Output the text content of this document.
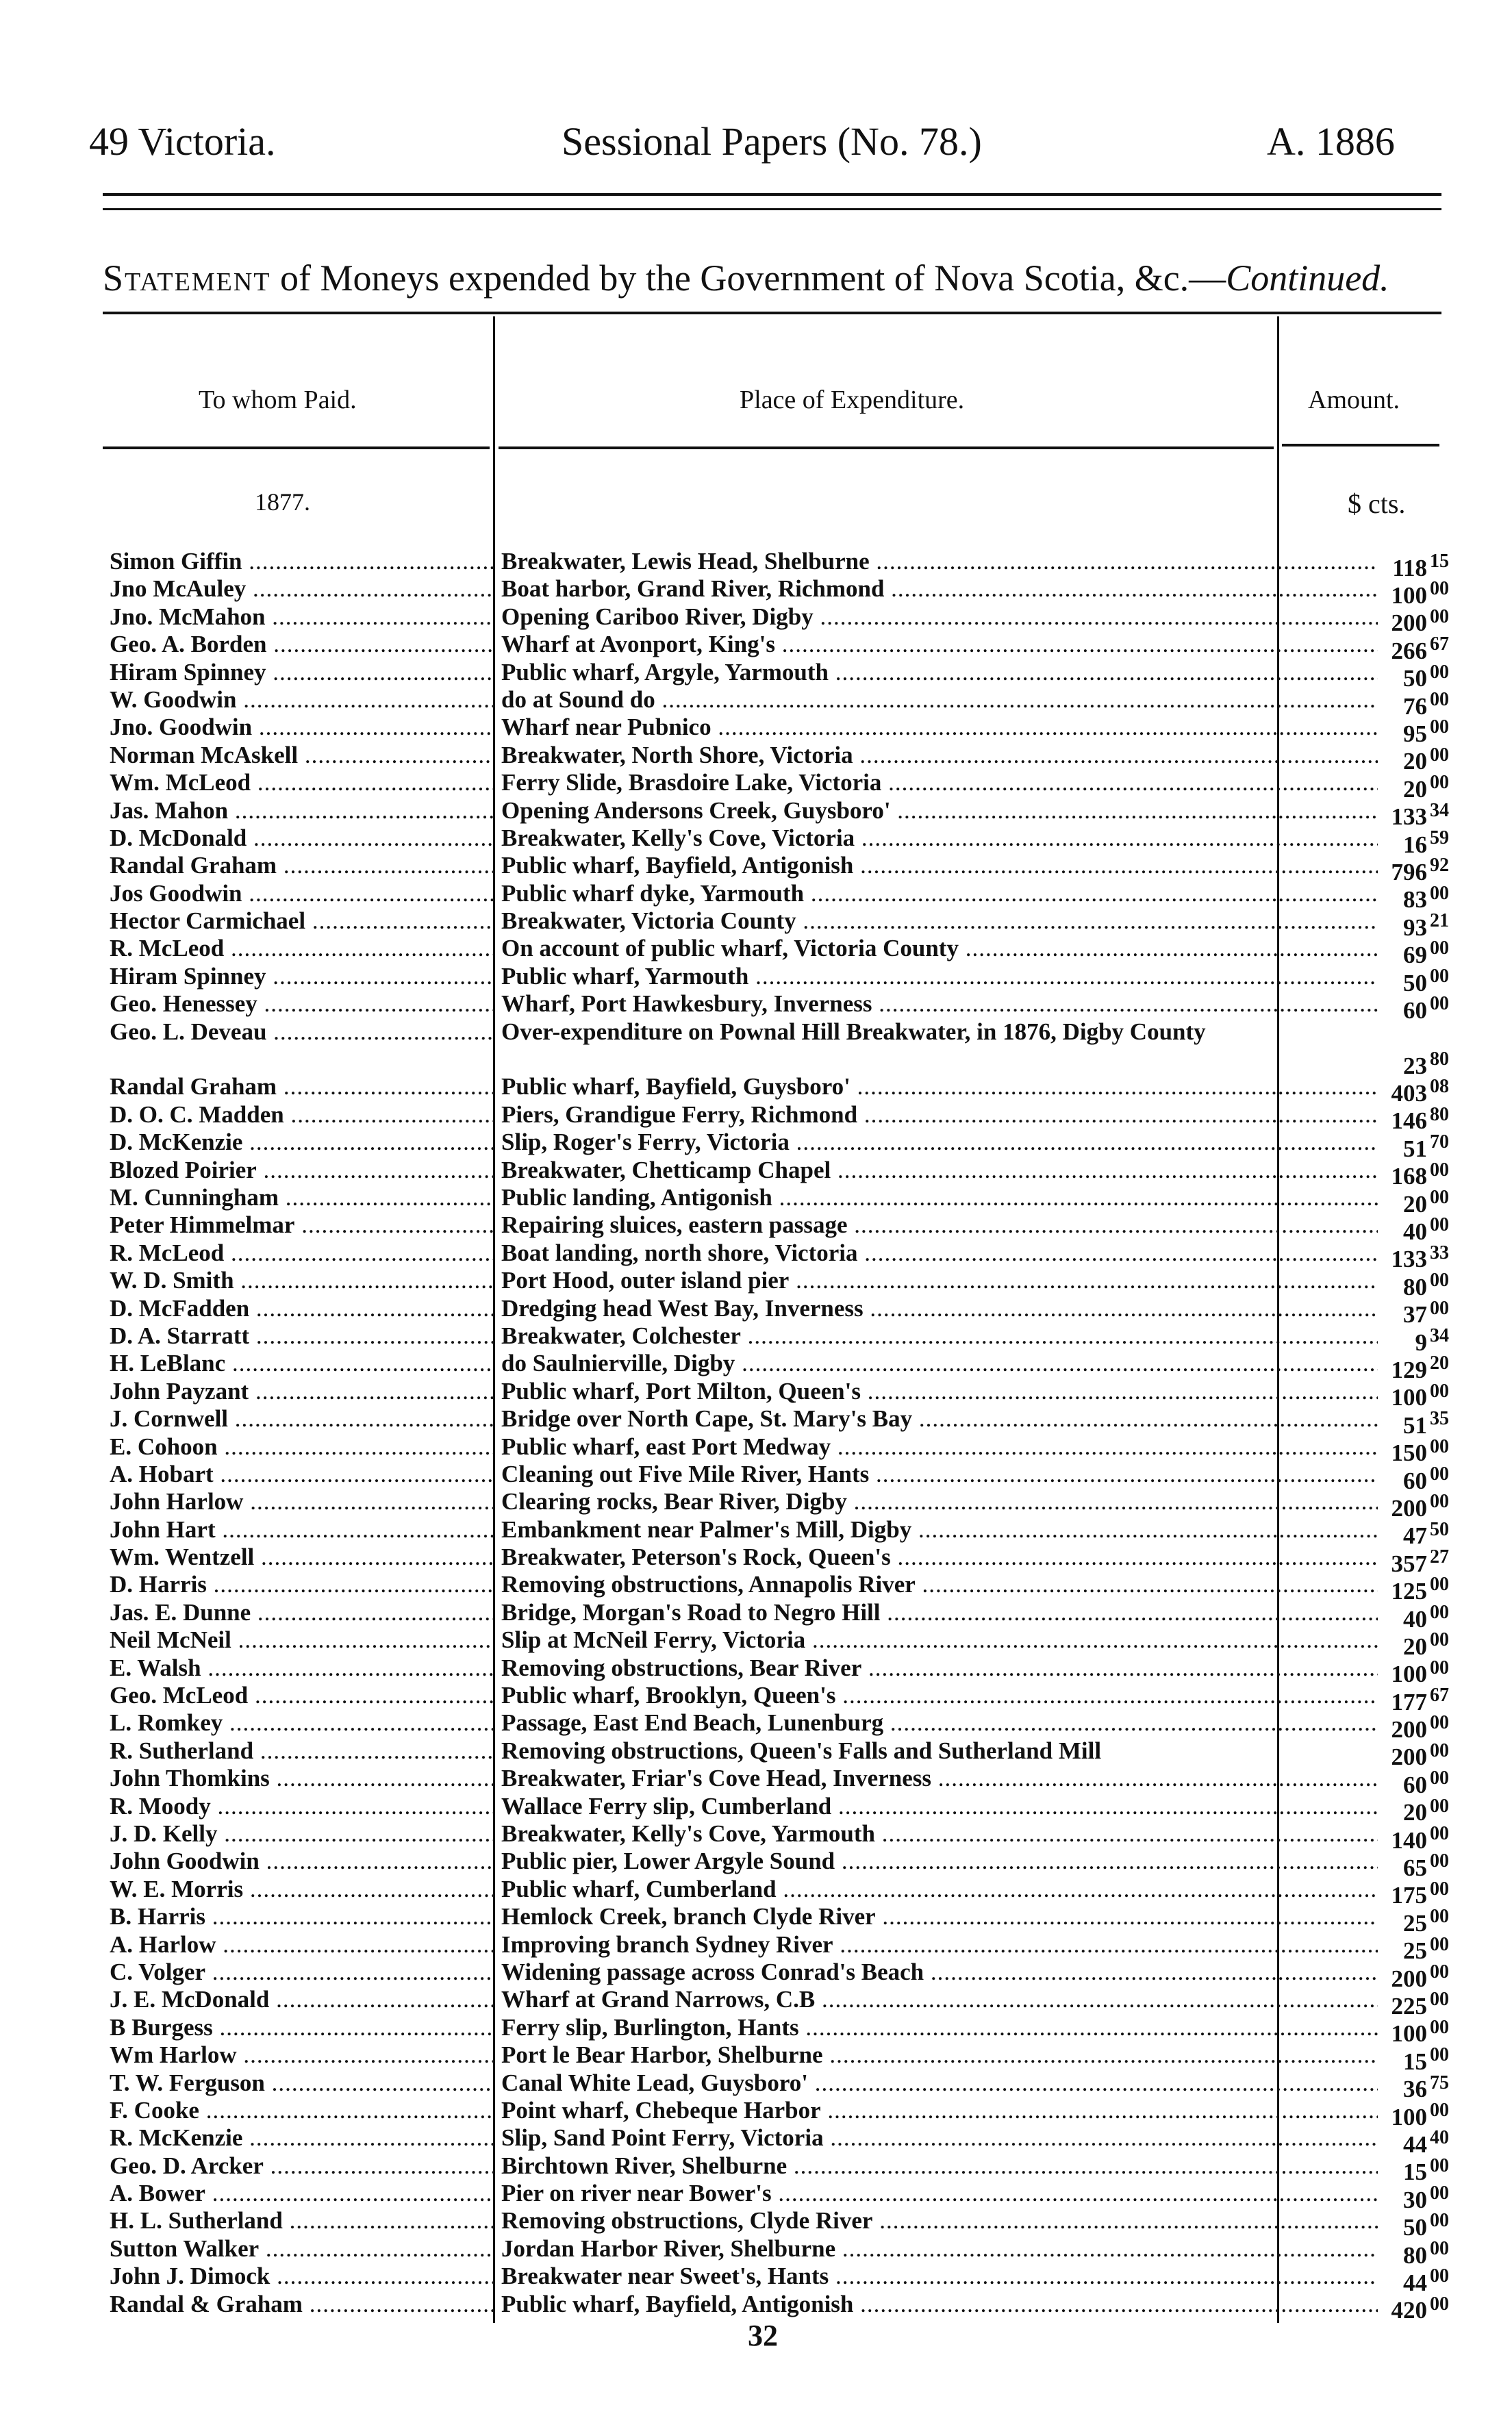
49 Victoria.	Sessional Papers (No. 78.)	A. 1886
Statement of Moneys expended by the Government of Nova Scotia, &c.—Continued.
To whom Paid.	Place of Expenditure.	Amount.
1877.	$ cts.
Simon Giffin .....	Breakwater, Lewis Head, Shelburne .....	118 15
Jno McAuley .....	Boat harbor, Grand River, Richmond .....	100 00
Jno. McMahon .....	Opening Cariboo River, Digby .....	200 00
Geo. A. Borden .....	Wharf at Avonport, King's .....	266 67
Hiram Spinney .....	Public wharf, Argyle, Yarmouth .....	50 00
W. Goodwin .....	do at Sound do .....	76 00
Jno. Goodwin .....	Wharf near Pubnico .....	95 00
Norman McAskell .....	Breakwater, North Shore, Victoria .....	20 00
Wm. McLeod .....	Ferry Slide, Brasdoire Lake, Victoria .....	20 00
Jas. Mahon .....	Opening Andersons Creek, Guysboro' .....	133 34
D. McDonald .....	Breakwater, Kelly's Cove, Victoria .....	16 59
Randal Graham .....	Public wharf, Bayfield, Antigonish .....	796 92
Jos Goodwin .....	Public wharf dyke, Yarmouth .....	83 00
Hector Carmichael .....	Breakwater, Victoria County .....	93 21
R. McLeod .....	On account of public wharf, Victoria County .....	69 00
Hiram Spinney .....	Public wharf, Yarmouth .....	50 00
Geo. Henessey .....	Wharf, Port Hawkesbury, Inverness .....	60 00
Geo. L. Deveau .....	Over-expenditure on Pownal Hill Breakwater, in 1876, Digby County
23 80
Randal Graham .....	Public wharf, Bayfield, Guysboro' .....	403 08
D. O. C. Madden .....	Piers, Grandigue Ferry, Richmond .....	146 80
D. McKenzie .....	Slip, Roger's Ferry, Victoria .....	51 70
Blozed Poirier .....	Breakwater, Chetticamp Chapel .....	168 00
M. Cunningham .....	Public landing, Antigonish .....	20 00
Peter Himmelmar .....	Repairing sluices, eastern passage .....	40 00
R. McLeod .....	Boat landing, north shore, Victoria .....	133 33
W. D. Smith .....	Port Hood, outer island pier .....	80 00
D. McFadden .....	Dredging head West Bay, Inverness .....	37 00
D. A. Starratt .....	Breakwater, Colchester .....	9 34
H. LeBlanc .....	do Saulnierville, Digby .....	129 20
John Payzant .....	Public wharf, Port Milton, Queen's .....	100 00
J. Cornwell .....	Bridge over North Cape, St. Mary's Bay .....	51 35
E. Cohoon .....	Public wharf, east Port Medway .....	150 00
A. Hobart .....	Cleaning out Five Mile River, Hants .....	60 00
John Harlow .....	Clearing rocks, Bear River, Digby .....	200 00
John Hart .....	Embankment near Palmer's Mill, Digby .....	47 50
Wm. Wentzell .....	Breakwater, Peterson's Rock, Queen's .....	357 27
D. Harris .....	Removing obstructions, Annapolis River .....	125 00
Jas. E. Dunne .....	Bridge, Morgan's Road to Negro Hill .....	40 00
Neil McNeil .....	Slip at McNeil Ferry, Victoria .....	20 00
E. Walsh .....	Removing obstructions, Bear River .....	100 00
Geo. McLeod .....	Public wharf, Brooklyn, Queen's .....	177 67
L. Romkey .....	Passage, East End Beach, Lunenburg .....	200 00
R. Sutherland .....	Removing obstructions, Queen's Falls and Sutherland Mill	200 00
John Thomkins .....	Breakwater, Friar's Cove Head, Inverness .....	60 00
R. Moody .....	Wallace Ferry slip, Cumberland .....	20 00
J. D. Kelly .....	Breakwater, Kelly's Cove, Yarmouth .....	140 00
John Goodwin .....	Public pier, Lower Argyle Sound .....	65 00
W. E. Morris .....	Public wharf, Cumberland .....	175 00
B. Harris .....	Hemlock Creek, branch Clyde River .....	25 00
A. Harlow .....	Improving branch Sydney River .....	25 00
C. Volger .....	Widening passage across Conrad's Beach .....	200 00
J. E. McDonald .....	Wharf at Grand Narrows, C.B .....	225 00
B Burgess .....	Ferry slip, Burlington, Hants .....	100 00
Wm Harlow .....	Port le Bear Harbor, Shelburne .....	15 00
T. W. Ferguson .....	Canal White Lead, Guysboro' .....	36 75
F. Cooke .....	Point wharf, Chebeque Harbor .....	100 00
R. McKenzie .....	Slip, Sand Point Ferry, Victoria .....	44 40
Geo. D. Arcker .....	Birchtown River, Shelburne .....	15 00
A. Bower .....	Pier on river near Bower's .....	30 00
H. L. Sutherland .....	Removing obstructions, Clyde River .....	50 00
Sutton Walker .....	Jordan Harbor River, Shelburne .....	80 00
John J. Dimock .....	Breakwater near Sweet's, Hants .....	44 00
Randal & Graham .....	Public wharf, Bayfield, Antigonish .....	420 00
32
